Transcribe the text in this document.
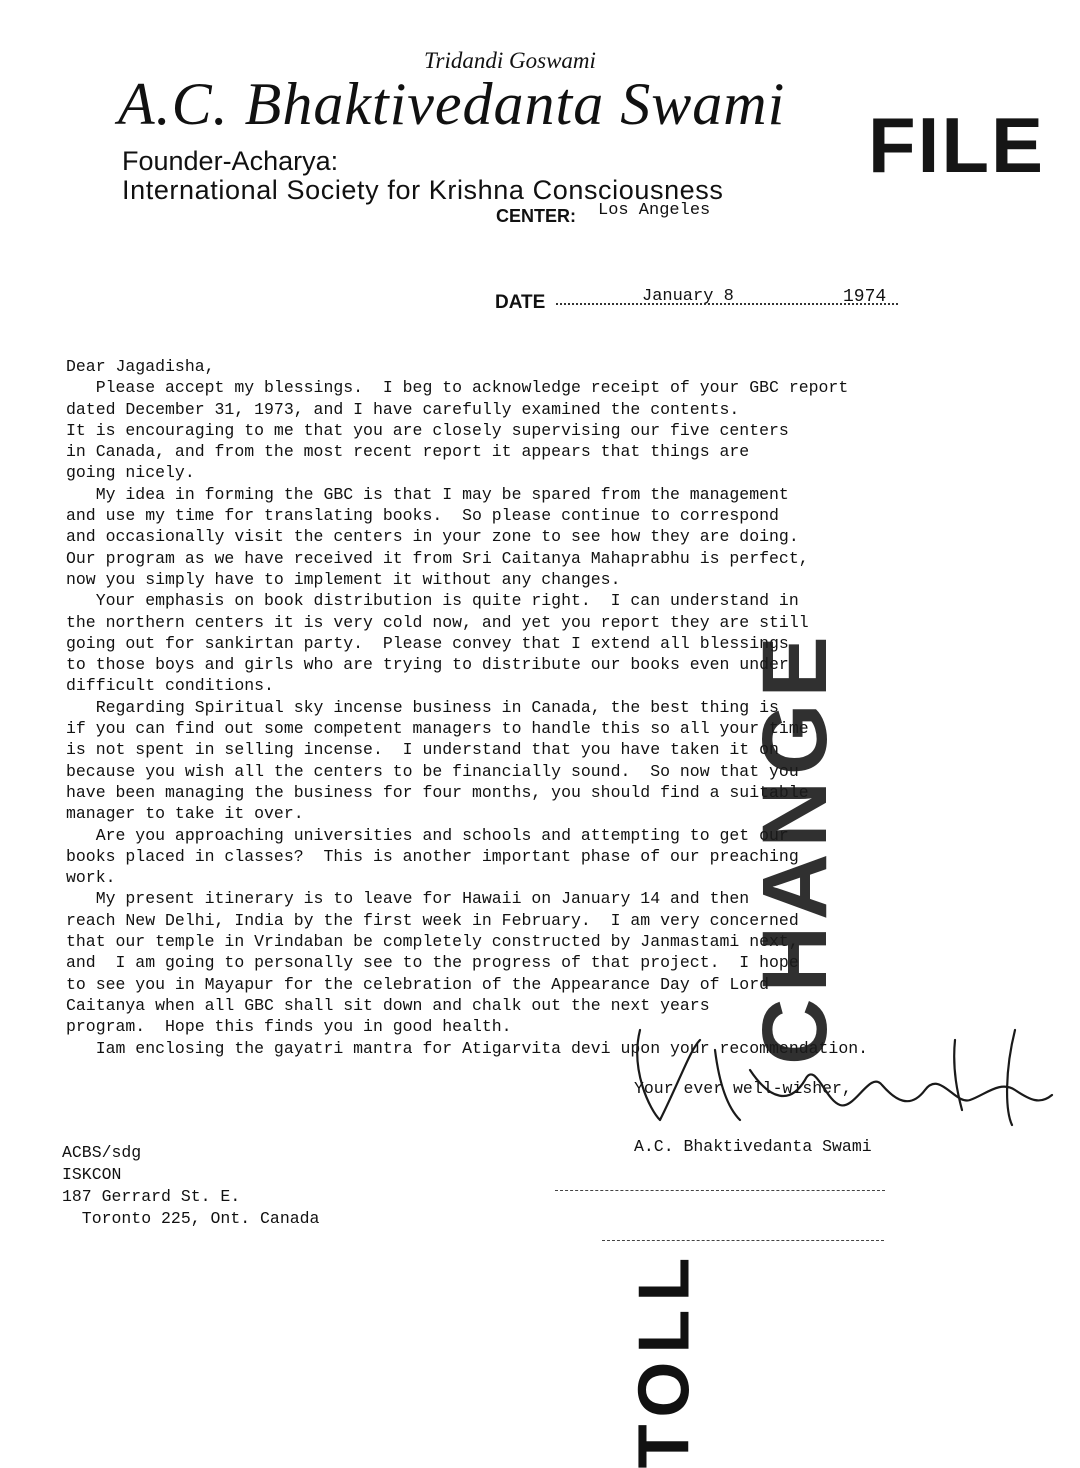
Tridandi Goswami
A.C. Bhaktivedanta Swami
Founder-Acharya:
International Society for Krishna Consciousness
CENTER: Los Angeles
FILE
DATE	January 8	1974
Dear Jagadisha,
Please accept my blessings.  I beg to acknowledge receipt of your GBC report
dated December 31, 1973, and I have carefully examined the contents.
It is encouraging to me that you are closely supervising our five centers
in Canada, and from the most recent report it appears that things are
going nicely.
My idea in forming the GBC is that I may be spared from the management
and use my time for translating books.  So please continue to correspond
and occasionally visit the centers in your zone to see how they are doing.
Our program as we have received it from Sri Caitanya Mahaprabhu is perfect,
now you simply have to implement it without any changes.
Your emphasis on book distribution is quite right.  I can understand in
the northern centers it is very cold now, and yet you report they are still
going out for sankirtan party.  Please convey that I extend all blessings
to those boys and girls who are trying to distribute our books even under
difficult conditions.
Regarding Spiritual sky incense business in Canada, the best thing is
if you can find out some competent managers to handle this so all your time
is not spent in selling incense.  I understand that you have taken it on
because you wish all the centers to be financially sound.  So now that you
have been managing the business for four months, you should find a suitable
manager to take it over.
Are you approaching universities and schools and attempting to get our
books placed in classes?  This is another important phase of our preaching
work.
My present itinerary is to leave for Hawaii on January 14 and then
reach New Delhi, India by the first week in February.  I am very concerned
that our temple in Vrindaban be completely constructed by Janmastami next,
and  I am going to personally see to the progress of that project.  I hope
to see you in Mayapur for the celebration of the Appearance Day of Lord
Caitanya when all GBC shall sit down and chalk out the next years
program.  Hope this finds you in good health.
Iam enclosing the gayatri mantra for Atigarvita devi upon your recommendation.
CHANGE
Your ever well-wisher,
A.C. Bhaktivedanta Swami
ACBS/sdg
ISKCON
187 Gerrard St. E.
Toronto 225, Ont. Canada
TOLL
